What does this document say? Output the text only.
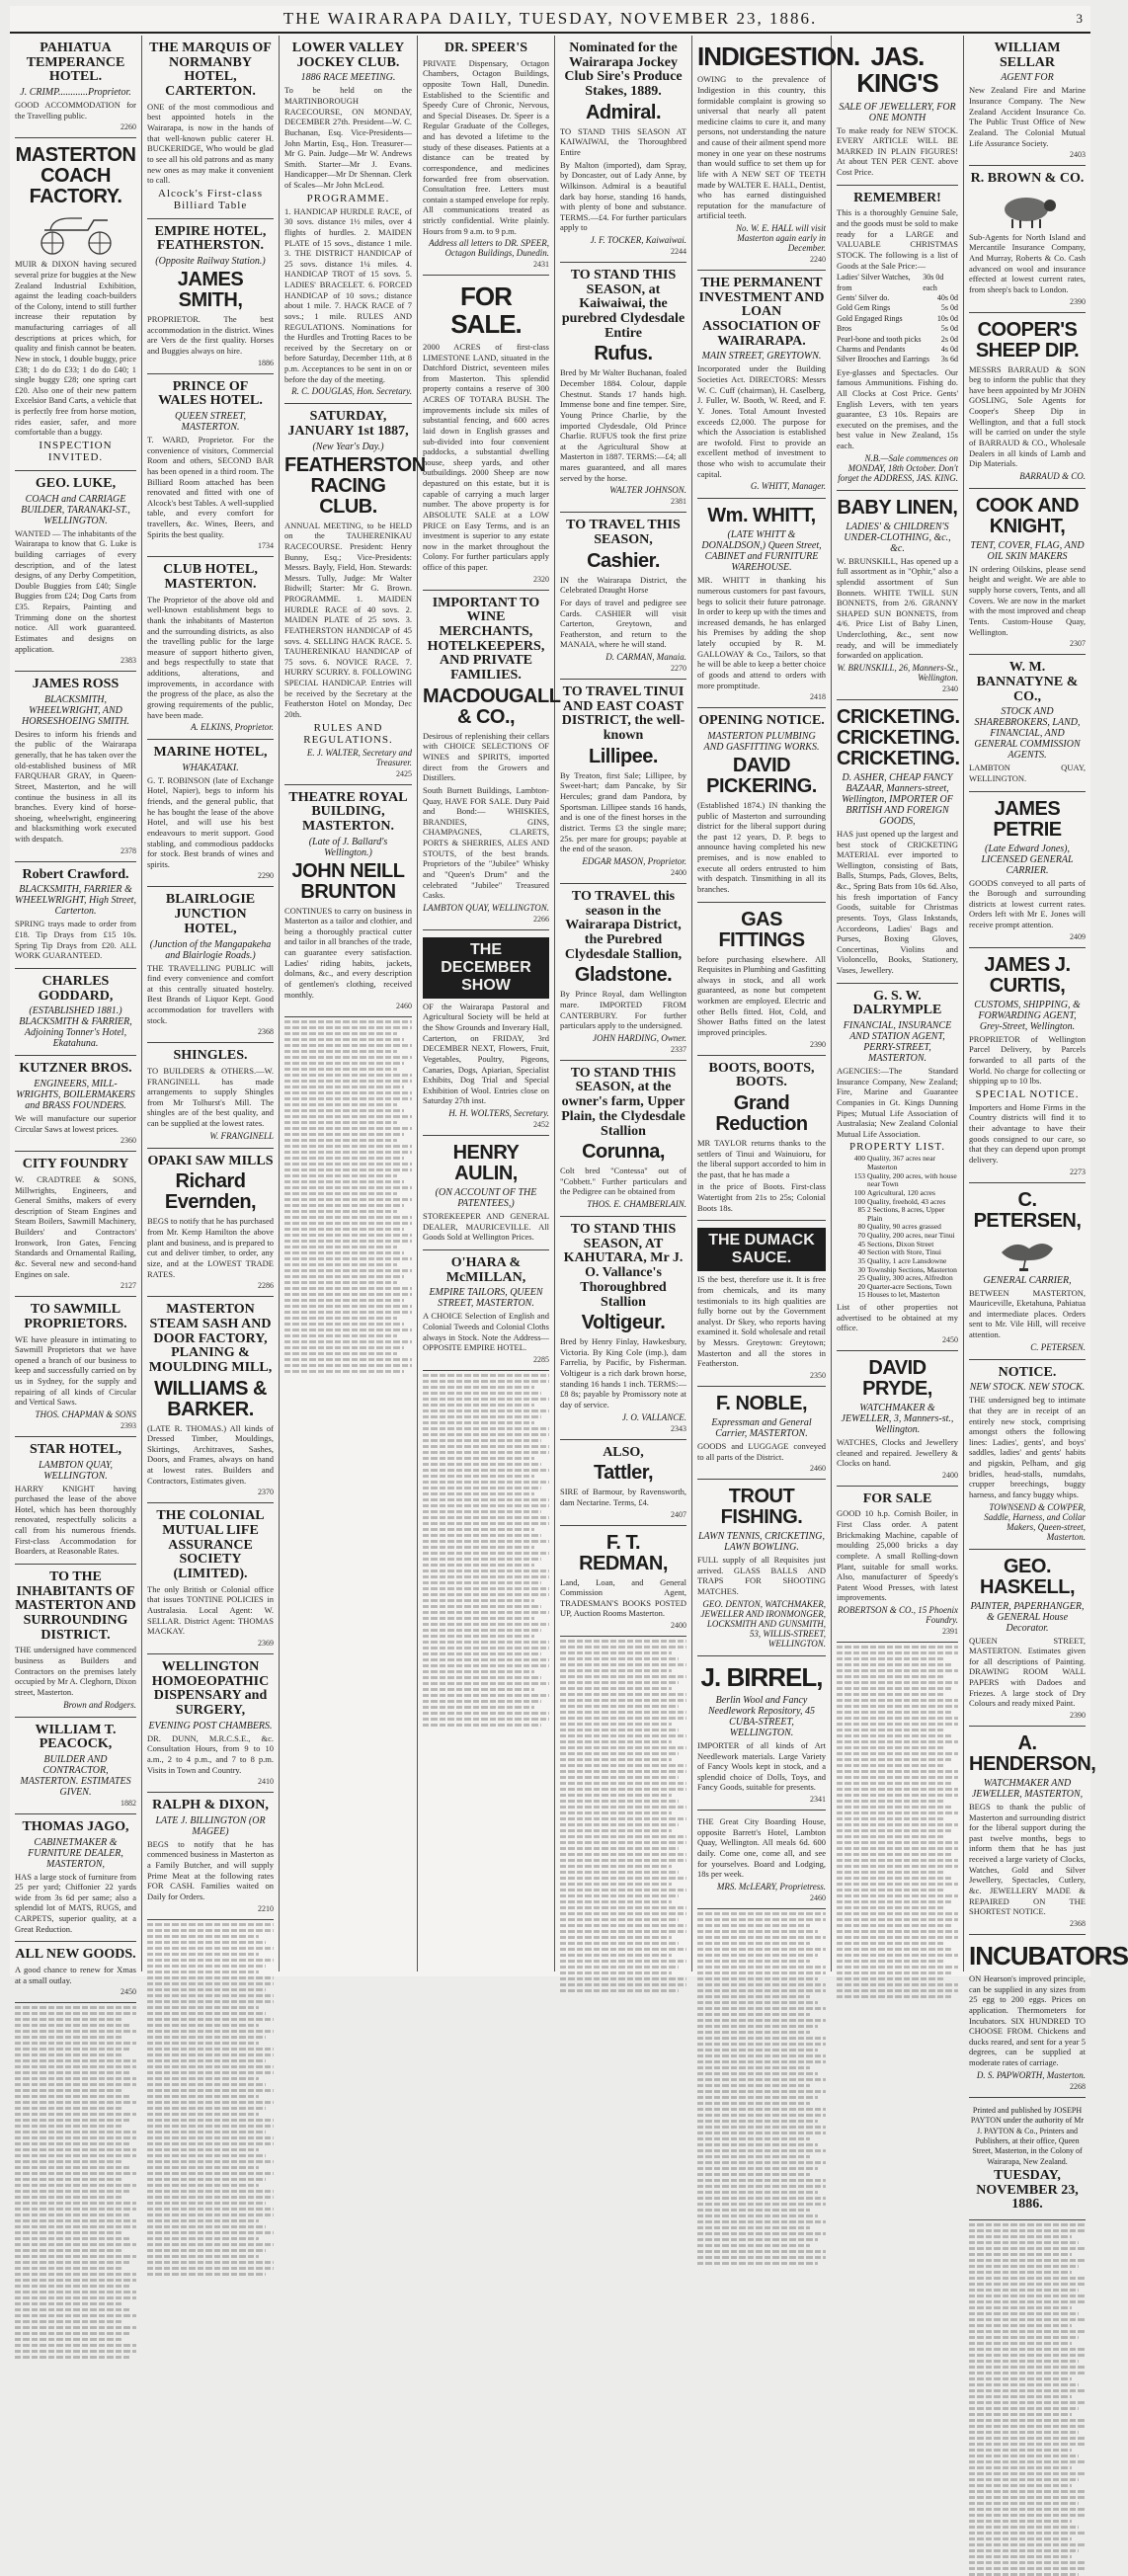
THE WAIRARAPA DAILY, TUESDAY, NOVEMBER 23, 1886.	3
PAHIATUA TEMPERANCE HOTEL.
J. CRIMP............Proprietor.
GOOD ACCOMMODATION for the Travelling public.
2260
MASTERTON COACH FACTORY.
MUIR & DIXON having secured several prize for buggies at the New Zealand Industrial Exhibition, against the leading coach-builders of the Colony, intend to still further increase their reputation by manufacturing carriages of all descriptions at prices which, for quality and finish cannot be beaten. New in stock, 1 double buggy, price £38; 1 do do £33; 1 do do £40; 1 single buggy £28; one spring cart £20. Also one of their new pattern Excelsior Band Carts, a vehicle that is perfectly free from horse motion, rides easier, safer, and more comfortable than a buggy.
INSPECTION INVITED.
GEO. LUKE,
COACH and CARRIAGE BUILDER, TARANAKI-ST., WELLINGTON.
WANTED — The inhabitants of the Wairarapa to know that G. Luke is building carriages of every description, and of the latest designs, of any Derby Competition, Double Buggies from £40; Single Buggies from £24; Dog Carts from £35. Repairs, Painting and Trimming done on the shortest notice. All work guaranteed. Estimates and designs on application.
2383
JAMES ROSS
BLACKSMITH, WHEELWRIGHT, AND HORSESHOEING SMITH.
Desires to inform his friends and the public of the Wairarapa generally, that he has taken over the old-established business of MR FARQUHAR GRAY, in Queen-Street, Masterton, and he will continue the business in all its branches. Every kind of horse-shoeing, wheelwright, engineering and blacksmithing work executed with despatch.
2378
Robert Crawford.
BLACKSMITH, FARRIER & WHEELWRIGHT, High Street, Carterton.
SPRING trays made to order from £18. Tip Drays from £15 10s. Spring Tip Drays from £20. ALL WORK GUARANTEED.
CHARLES GODDARD,
(ESTABLISHED 1881.) BLACKSMITH & FARRIER, Adjoining Tonner's Hotel, Ekatahuna.
KUTZNER BROS.
ENGINEERS, MILL-WRIGHTS, BOILERMAKERS and BRASS FOUNDERS.
We will manufacture our superior Circular Saws at lowest prices.
2360
CITY FOUNDRY
W. CRADTREE & SONS, Millwrights, Engineers, and General Smiths, makers of every description of Steam Engines and Steam Boilers, Sawmill Machinery, Builders' and Contractors' Ironwork, Iron Gates, Fencing Standards and Ornamental Railing, &c. Several new and second-hand Engines on sale.
2127
TO SAWMILL PROPRIETORS.
WE have pleasure in intimating to Sawmill Proprietors that we have opened a branch of our business to keep and successfully carried on by us in Sydney, for the supply and repairing of all kinds of Circular and Vertical Saws.
THOS. CHAPMAN & SONS
2393
STAR HOTEL,
LAMBTON QUAY, WELLINGTON.
HARRY KNIGHT having purchased the lease of the above Hotel, which has been thoroughly renovated, respectfully solicits a call from his numerous friends. First-class Accommodation for Boarders, at Reasonable Rates.
TO THE INHABITANTS OF MASTERTON AND SURROUNDING DISTRICT.
THE undersigned have commenced business as Builders and Contractors on the premises lately occupied by Mr A. Cleghorn, Dixon street, Masterton.
Brown and Rodgers.
WILLIAM T. PEACOCK,
BUILDER AND CONTRACTOR, MASTERTON. ESTIMATES GIVEN.
1882
THOMAS JAGO,
CABINETMAKER & FURNITURE DEALER, MASTERTON,
HAS a large stock of furniture from 25 per yard; Chiffonier 22 yards wide from 3s 6d per same; also a splendid lot of MATS, RUGS, and CARPETS, superior quality, at a Great Reduction.
ALL NEW GOODS.
A good chance to renew for Xmas at a small outlay.
2450
THE MARQUIS OF NORMANBY HOTEL, CARTERTON.
ONE of the most commodious and best appointed hotels in the Wairarapa, is now in the hands of that well-known public caterer H. BUCKERIDGE, Who would be glad to see all his old patrons and as many new ones as may make it convenient to call.
Alcock's First-class Billiard Table
EMPIRE HOTEL, FEATHERSTON.
(Opposite Railway Station.)
JAMES SMITH,
PROPRIETOR. The best accommodation in the district. Wines are Vers de the first quality. Horses and Buggies always on hire.
1886
PRINCE OF WALES HOTEL.
QUEEN STREET, MASTERTON.
T. WARD, Proprietor. For the convenience of visitors, Commercial Room and others, SECOND BAR has been opened in a third room. The Billiard Room attached has been renovated and fitted with one of Alcock's best Tables. A well-supplied table, and every comfort for travellers, &c. Wines, Beers, and Spirits the best quality.
1734
CLUB HOTEL, MASTERTON.
The Proprietor of the above old and well-known establishment begs to thank the inhabitants of Masterton and the surrounding districts, as also the travelling public for the large measure of support hitherto given, and begs respectfully to state that additions, alterations, and improvements, in accordance with the progress of the place, as also the growing requirements of the public, have been made.
A. ELKINS, Proprietor.
MARINE HOTEL,
WHAKATAKI.
G. T. ROBINSON (late of Exchange Hotel, Napier), begs to inform his friends, and the general public, that he has bought the lease of the above Hotel, and will use his best endeavours to merit support. Good stabling, and commodious paddocks for stock. Best brands of wines and spirits.
2290
BLAIRLOGIE JUNCTION HOTEL,
(Junction of the Mangapakeha and Blairlogie Roads.)
THE TRAVELLING PUBLIC will find every convenience and comfort at this centrally situated hostelry. Best Brands of Liquor Kept. Good accommodation for travellers with stock.
2368
SHINGLES.
TO BUILDERS & OTHERS.—W. FRANGINELL has made arrangements to supply Shingles from Mr Tolhurst's Mill. The shingles are of the best quality, and can be supplied at the lowest rates.
W. FRANGINELL
OPAKI SAW MILLS
Richard Evernden,
BEGS to notify that he has purchased from Mr. Kemp Hamilton the above plant and business, and is prepared to cut and deliver timber, to order, any size, and at the LOWEST TRADE RATES.
2286
MASTERTON STEAM SASH AND DOOR FACTORY, PLANING & MOULDING MILL,
WILLIAMS & BARKER.
(LATE R. THOMAS.) All kinds of Dressed Timber, Mouldings, Skirtings, Architraves, Sashes, Doors, and Frames, always on hand at lowest rates. Builders and Contractors, Estimates given.
2370
THE COLONIAL MUTUAL LIFE ASSURANCE SOCIETY (LIMITED).
The only British or Colonial office that issues TONTINE POLICIES in Australasia. Local Agent: W. SELLAR. District Agent: THOMAS MACKAY.
2369
WELLINGTON HOMOEOPATHIC DISPENSARY and SURGERY,
EVENING POST CHAMBERS.
DR. DUNN, M.R.C.S.E., &c. Consultation Hours, from 9 to 10 a.m., 2 to 4 p.m., and 7 to 8 p.m. Visits in Town and Country.
2410
RALPH & DIXON,
LATE J. BILLINGTON (OR MAGEE)
BEGS to notify that he has commenced business in Masterton as a Family Butcher, and will supply Prime Meat at the following rates FOR CASH. Families waited on Daily for Orders.
2210
LOWER VALLEY JOCKEY CLUB.
1886 RACE MEETING.
To be held on the MARTINBOROUGH RACECOURSE, ON MONDAY, DECEMBER 27th. President—W. C. Buchanan, Esq. Vice-Presidents—John Martin, Esq., Hon. Treasurer—Mr G. Pain. Judge—Mr W. Andrews Smith. Starter—Mr J. Evans. Handicapper—Mr Dr Shennan. Clerk of Scales—Mr John McLeod.
PROGRAMME.
1. HANDICAP HURDLE RACE, of 30 sovs. distance 1½ miles, over 4 flights of hurdles. 2. MAIDEN PLATE of 15 sovs., distance 1 mile. 3. THE DISTRICT HANDICAP of 25 sovs. distance 1¼ miles. 4. HANDICAP TROT of 15 sovs. 5. LADIES' BRACELET. 6. FORCED HANDICAP of 10 sovs.; distance about 1 mile. 7. HACK RACE of 7 sovs.; 1 mile. RULES AND REGULATIONS. Nominations for the Hurdles and Trotting Races to be received by the Secretary on or before Saturday, December 11th, at 8 p.m. Acceptances to be sent in on or before the day of the meeting.
R. C. DOUGLAS, Hon. Secretary.
SATURDAY, JANUARY 1st 1887,
(New Year's Day.)
FEATHERSTON RACING CLUB.
ANNUAL MEETING, to be HELD on the TAUHERENIKAU RACECOURSE. President: Henry Bunny, Esq.; Vice-Presidents: Messrs. Bayly, Field, Hon. Stewards: Messrs. Tully, Judge: Mr Walter Bidwill; Starter: Mr G. Brown. PROGRAMME. 1. MAIDEN HURDLE RACE of 40 sovs. 2. MAIDEN PLATE of 25 sovs. 3. FEATHERSTON HANDICAP of 45 sovs. 4. SELLING HACK RACE. 5. TAUHERENIKAU HANDICAP of 75 sovs. 6. NOVICE RACE. 7. HURRY SCURRY. 8. FOLLOWING SPECIAL HANDICAP. Entries will be received by the Secretary at the Featherston Hotel on Monday, Dec 20th.
RULES AND REGULATIONS.
E. J. WALTER, Secretary and Treasurer.
2425
THEATRE ROYAL BUILDING, MASTERTON.
(Late of J. Ballard's Wellington.)
JOHN NEILL BRUNTON
CONTINUES to carry on business in Masterton as a tailor and clothier, and being a thoroughly practical cutter and tailor in all branches of the trade, can guarantee every satisfaction. Ladies' riding habits, jackets, dolmans, &c., and every description of gentlemen's clothing, received monthly.
2460
DR. SPEER'S
PRIVATE Dispensary, Octagon Chambers, Octagon Buildings, opposite Town Hall, Dunedin. Established to the Scientific and Speedy Cure of Chronic, Nervous, and Special Diseases. Dr. Speer is a Regular Graduate of the Colleges, and has devoted a lifetime to the study of these diseases. Patients at a distance can be treated by correspondence, and medicines forwarded free from observation. Consultation free. Letters must contain a stamped envelope for reply. All communications treated as strictly confidential. Write plainly. Hours from 9 a.m. to 9 p.m.
Address all letters to DR. SPEER, Octagon Buildings, Dunedin.
2431
FOR SALE.
2000 ACRES of first-class LIMESTONE LAND, situated in the Datchford District, seventeen miles from Masterton. This splendid property contains a reserve of 300 ACRES OF TOTARA BUSH. The improvements include six miles of substantial fencing, and 600 acres laid down in English grasses and sub-divided into four convenient paddocks, a substantial dwelling house, sheep yards, and other outbuildings. 2000 Sheep are now depastured on this estate, but it is capable of carrying a much larger number. The above property is for ABSOLUTE SALE at a LOW PRICE on Easy Terms, and is an investment is superior to any estate now in the market throughout the Colony. For further particulars apply office of this paper.
2320
IMPORTANT TO WINE MERCHANTS, HOTELKEEPERS, AND PRIVATE FAMILIES.
MACDOUGALL & CO.,
Desirous of replenishing their cellars with CHOICE SELECTIONS OF WINES and SPIRITS, imported direct from the Growers and Distillers.
South Burnett Buildings, Lambton-Quay, HAVE FOR SALE. Duty Paid and Bond:— WHISKIES, BRANDIES, GINS, CHAMPAGNES, CLARETS, PORTS & SHERRIES, ALES AND STOUTS, of the best brands. Proprietors of the "Jubilee" Whisky and "Queen's Drum" and the celebrated "Jubilee" Treasured Casks.
LAMBTON QUAY, WELLINGTON.
2266
THE DECEMBER SHOW
OF the Wairarapa Pastoral and Agricultural Society will be held at the Show Grounds and Inverary Hall, Carterton, on FRIDAY, 3rd DECEMBER NEXT, Flowers, Fruit, Vegetables, Poultry, Pigeons, Canaries, Dogs, Apiarian, Specialist Exhibits, Dog Trial and Special Exhibition of Wool. Entries close on Saturday 27th inst.
H. H. WOLTERS, Secretary.
2452
HENRY AULIN,
(ON ACCOUNT OF THE PATENTEES,)
STOREKEEPER AND GENERAL DEALER, MAURICEVILLE. All Goods Sold at Wellington Prices.
O'HARA & McMILLAN,
EMPIRE TAILORS, QUEEN STREET, MASTERTON.
A CHOICE Selection of English and Colonial Tweeds and Colonial Cloths always in Stock. Note the Address— OPPOSITE EMPIRE HOTEL.
2285
Nominated for the Wairarapa Jockey Club Sire's Produce Stakes, 1889.
Admiral.
TO STAND THIS SEASON AT KAIWAIWAI, the Thoroughbred Entire
By Malton (imported), dam Spray, by Doncaster, out of Lady Anne, by Wilkinson. Admiral is a beautiful dark bay horse, standing 16 hands, with plenty of bone and substance. TERMS.—£4. For further particulars apply to
J. F. TOCKER, Kaiwaiwai.
2244
TO STAND THIS SEASON, at Kaiwaiwai, the purebred Clydesdale Entire
Rufus.
Bred by Mr Walter Buchanan, foaled December 1884. Colour, dapple Chestnut. Stands 17 hands high. Immense bone and fine temper. Sire, Young Prince Charlie, by the imported Clydesdale, Old Prince Charlie. RUFUS took the first prize at the Agricultural Show at Masterton in 1887. TERMS:—£4; all mares guaranteed, and all mares served by the horse.
WALTER JOHNSON.
2381
TO TRAVEL THIS SEASON,
Cashier.
IN the Wairarapa District, the Celebrated Draught Horse
For days of travel and pedigree see Cards. CASHIER will visit Carterton, Greytown, and Featherston, and return to the MANAIA, where he will stand.
D. CARMAN, Manaia.
2270
TO TRAVEL TINUI AND EAST COAST DISTRICT, the well-known
Lillipee.
By Treaton, first Sale; Lillipee, by Sweet-hart; dam Pancake, by Sir Hercules; grand dam Pandora, by Sportsman. Lillipee stands 16 hands, and is one of the finest horses in the district. Terms £3 the single mare; 25s. per mare for groups; payable at the end of the season.
EDGAR MASON, Proprietor.
2400
TO TRAVEL this season in the Wairarapa District, the Purebred Clydesdale Stallion,
Gladstone.
By Prince Royal, dam Wellington mare. IMPORTED FROM CANTERBURY. For further particulars apply to the undersigned.
JOHN HARDING, Owner.
2337
TO STAND THIS SEASON, at the owner's farm, Upper Plain, the Clydesdale Stallion
Corunna,
Colt bred "Contessa" out of "Cobbett." Further particulars and the Pedigree can be obtained from
THOS. E. CHAMBERLAIN.
TO STAND THIS SEASON, AT KAHUTARA, Mr J. O. Vallance's Thoroughbred Stallion
Voltigeur.
Bred by Henry Finlay, Hawkesbury, Victoria. By King Cole (imp.), dam Farrelia, by Pacific, by Fisherman. Voltigeur is a rich dark brown horse, standing 16 hands 1 inch. TERMS:—£8 8s; payable by Promissory note at day of service.
J. O. VALLANCE.
2343
ALSO,
Tattler,
SIRE of Barmour, by Ravensworth, dam Nectarine. Terms, £4.
2407
F. T. REDMAN,
Land, Loan, and General Commission Agent, TRADESMAN'S BOOKS POSTED UP, Auction Rooms Masterton.
2400
INDIGESTION.
OWING to the prevalence of Indigestion in this country, this formidable complaint is growing so universal that nearly all patent medicine claims to cure it, and many persons, not understanding the nature and cause of their ailment spend more money in one year on these nostrums than would suffice to set them up for life with A NEW SET OF TEETH made by WALTER E. HALL, Dentist, who has earned distinguished reputation for the manufacture of artificial teeth.
No. W. E. HALL will visit Masterton again early in December.
2240
THE PERMANENT INVESTMENT AND LOAN ASSOCIATION OF WAIRARAPA.
MAIN STREET, GREYTOWN.
Incorporated under the Building Societies Act. DIRECTORS: Messrs W. C. Cuff (chairman), H. Caselberg, J. Fuller, W. Booth, W. Reed, and F. Y. Jones. Total Amount Invested exceeds £2,000. The purpose for which the Association is established are twofold. First to provide an excellent method of investment to those who wish to accumulate their capital.
G. WHITT, Manager.
Wm. WHITT,
(LATE WHITT & DONALDSON,) Queen Street, CABINET and FURNITURE WAREHOUSE.
MR. WHITT in thanking his numerous customers for past favours, begs to solicit their future patronage. In order to keep up with the times and increased demands, he has enlarged his Premises by adding the shop lately occupied by R. M. GALLOWAY & Co., Tailors, so that he will be able to keep a better choice of goods and attend to orders with more promptitude.
2418
OPENING NOTICE.
MASTERTON PLUMBING AND GASFITTING WORKS.
DAVID PICKERING.
(Established 1874.) IN thanking the public of Masterton and surrounding district for the liberal support during the past 12 years, D. P. begs to announce having completed his new premises, and is now enabled to execute all orders entrusted to him with despatch. Tinsmithing in all its branches.
GAS FITTINGS
before purchasing elsewhere. All Requisites in Plumbing and Gasfitting always in stock, and all work guaranteed, as none but competent workmen are employed. Electric and other Bells fitted. Hot, Cold, and Shower Baths fitted on the latest improved principles.
2390
BOOTS, BOOTS, BOOTS.
Grand Reduction
MR TAYLOR returns thanks to the settlers of Tinui and Wainuioru, for the liberal support accorded to him in the past, that he has made a
in the price of Boots. First-class Watertight from 21s to 25s; Colonial Boots 18s.
THE DUMACK SAUCE.
IS the best, therefore use it. It is free from chemicals, and its many testimonials to its high qualities are fully borne out by the Government analyst. Dr Skey, who reports having examined it. Sold wholesale and retail by Messrs. Greytown: Greytown; Masterton and all the stores in Featherston.
2350
F. NOBLE,
Expressman and General Carrier, MASTERTON.
GOODS and LUGGAGE conveyed to all parts of the District.
2460
TROUT FISHING.
LAWN TENNIS, CRICKETING, LAWN BOWLING.
FULL supply of all Requisites just arrived. GLASS BALLS AND TRAPS FOR SHOOTING MATCHES.
GEO. DENTON, WATCHMAKER, JEWELLER AND IRONMONGER, LOCKSMITH AND GUNSMITH, 53, WILLIS-STREET, WELLINGTON.
J. BIRREL,
Berlin Wool and Fancy Needlework Repository, 45 CUBA-STREET, WELLINGTON.
IMPORTER of all kinds of Art Needlework materials. Large Variety of Fancy Wools kept in stock, and a splendid choice of Dolls, Toys, and Fancy Goods, suitable for presents.
2341
THE Great City Boarding House, opposite Barrett's Hotel, Lambton Quay, Wellington. All meals 6d. 600 daily. Come one, come all, and see for yourselves. Board and Lodging, 18s per week.
MRS. McLEARY, Proprietress.
2460
JAS. KING'S
SALE OF JEWELLERY, FOR ONE MONTH
To make ready for NEW STOCK. EVERY ARTICLE WILL BE MARKED IN PLAIN FIGURES! At about TEN PER CENT. above Cost Price.
REMEMBER!
This is a thoroughly Genuine Sale, and the goods must be sold to make ready for a LARGE and VALUABLE CHRISTMAS STOCK. The following is a list of Goods at the Sale Price:—
Ladies' Silver Watches, from
30s 0d each
Gents' Silver do.	40s 0d
Gold Gem Rings	5s 0d
Gold Engaged Rings	10s 0d
Bros	5s 0d
Pearl-bone and tooth picks	2s 0d
Charms and Pendants	4s 0d
Silver Brooches and Earrings 3s 6d
Eye-glasses and Spectacles. Our famous Ammunitions. Fishing do. All Clocks at Cost Price. Gents' English Levers, with ten years guarantee, £3 10s. Repairs are executed on the premises, and the best value in New Zealand, 15s each.
N.B.—Sale commences on MONDAY, 18th October. Don't forget the ADDRESS, JAS. KING.
BABY LINEN,
LADIES' & CHILDREN'S UNDER-CLOTHING, &c., &c.
W. BRUNSKILL, Has opened up a full assortment as in "Ophir," also a splendid assortment of Sun Bonnets. WHITE TWILL SUN BONNETS, from 2/6. GRANNY SHAPED SUN BONNETS, from 4/6. Price List of Baby Linen, Underclothing, &c., sent now ready, and will be immediately forwarded on application.
W. BRUNSKILL, 26, Manners-St., Wellington.
2340
CRICKETING. CRICKETING. CRICKETING.
D. ASHER, CHEAP FANCY BAZAAR, Manners-street, Wellington, IMPORTER OF BRITISH AND FOREIGN GOODS,
HAS just opened up the largest and best stock of CRICKETING MATERIAL ever imported to Wellington, consisting of Bats, Balls, Stumps, Pads, Gloves, Belts, &c., Spring Bats from 10s 6d. Also, his fresh importation of Fancy Goods, suitable for Christmas presents. Toys, Glass Inkstands, Accordeons, Ladies' Bags and Purses, Boxing Gloves, Concertinas, Violins and Violoncello, Books, Stationery, Vases, Jewellery.
G. S. W. DALRYMPLE
FINANCIAL, INSURANCE AND STATION AGENT, PERRY-STREET, MASTERTON.
AGENCIES:—The Standard Insurance Company, New Zealand; Fire, Marine and Guarantee Companies in Gt. Kings Dunning Pipes; Mutual Life Association of Australasia; New Zealand Colonial Mutual Life Association.
PROPERTY LIST.
400	Quality, 367 acres near Masterton
153	Quality, 200 acres, with house near Town
100	Agricultural, 120 acres
100	Quality, freehold, 43 acres
85	2 Sections, 8 acres, Upper Plain
80	Quality, 90 acres grassed
70	Quality, 200 acres, near Tinui
45	Sections, Dixon Street
40	Section with Store, Tinui
35	Quality, 1 acre Lansdowne
30	Township Sections, Masterton
25	Quality, 300 acres, Alfredton
20	Quarter-acre Sections, Town
15	Houses to let, Masterton
List of other properties not advertised to be obtained at my office.
2450
DAVID PRYDE,
WATCHMAKER & JEWELLER, 3, Manners-st., Wellington.
WATCHES, Clocks and Jewellery cleaned and repaired. Jewellery & Clocks on hand.
2400
FOR SALE
GOOD 10 h.p. Cornish Boiler, in First Class order. A patent Brickmaking Machine, capable of moulding 25,000 bricks a day complete. A small Rolling-down Plant, suitable for small works. Also, manufacturer of Speedy's Patent Wood Presses, with latest improvements.
ROBERTSON & CO., 15 Phoenix Foundry.
2391
WILLIAM SELLAR
AGENT FOR
New Zealand Fire and Marine Insurance Company. The New Zealand Accident Insurance Co. The Public Trust Office of New Zealand. The Colonial Mutual Life Assurance Society.
2403
R. BROWN & CO.
Sub-Agents for North Island and Mercantile Insurance Company, And Murray, Roberts & Co. Cash advanced on wool and insurance effected at lowest current rates, from sheep's back to London.
2390
COOPER'S SHEEP DIP.
MESSRS BARRAUD & SON beg to inform the public that they have been appointed by Mr JOHN GOSLING, Sole Agents for Cooper's Sheep Dip in Wellington, and that a full stock will be carried on under the style of BARRAUD & CO., Wholesale Dealers in all kinds of Lamb and Dip Materials.
BARRAUD & CO.
COOK AND KNIGHT,
TENT, COVER, FLAG, AND OIL SKIN MAKERS
IN ordering Oilskins, please send height and weight. We are able to supply horse covers, Tents, and all Covers. We are now in the market with the most improved and cheap Tents. Custom-House Quay, Wellington.
2307
W. M. BANNATYNE & CO.,
STOCK AND SHAREBROKERS, LAND, FINANCIAL, AND GENERAL COMMISSION AGENTS.
LAMBTON QUAY, WELLINGTON.
JAMES PETRIE
(Late Edward Jones), LICENSED GENERAL CARRIER.
GOODS conveyed to all parts of the Borough and surrounding districts at lowest current rates. Orders left with Mr E. Jones will receive prompt attention.
2409
JAMES J. CURTIS,
CUSTOMS, SHIPPING, & FORWARDING AGENT, Grey-Street, Wellington.
PROPRIETOR of Wellington Parcel Delivery, by Parcels forwarded to all parts of the World. No charge for collecting or shipping up to 10 lbs.
SPECIAL NOTICE.
Importers and Home Firms in the Country districts will find it to their advantage to have their goods consigned to our care, so that they can depend upon prompt delivery.
2273
C. PETERSEN,
GENERAL CARRIER,
BETWEEN MASTERTON, Mauriceville, Eketahuna, Pahiatua and intermediate places. Orders sent to Mr. Vile Hill, will receive attention.
C. PETERSEN.
NOTICE.
NEW STOCK. NEW STOCK.
THE undersigned beg to intimate that they are in receipt of an entirely new stock, comprising amongst others the following lines: Ladies', gents', and boys' saddles, ladies' and gents' habits and pigskin, Pelham, and gig bridles, head-stalls, numdahs, crupper breechings, buggy harness, and fancy buggy whips.
TOWNSEND & COWPER, Saddle, Harness, and Collar Makers, Queen-street, Masterton.
GEO. HASKELL,
PAINTER, PAPERHANGER, & GENERAL House Decorator.
QUEEN STREET, MASTERTON. Estimates given for all descriptions of Painting. DRAWING ROOM WALL PAPERS with Dadoes and Friezes. A large stock of Dry Colours and ready mixed Paint.
2390
A. HENDERSON,
WATCHMAKER AND JEWELLER, MASTERTON,
BEGS to thank the public of Masterton and surrounding district for the liberal support during the past twelve months, begs to inform them that he has just received a large variety of Clocks, Watches, Gold and Silver Jewellery, Spectacles, Cutlery, &c. JEWELLERY MADE & REPAIRED ON THE SHORTEST NOTICE.
2368
INCUBATORS
ON Hearson's improved principle, can be supplied in any sizes from 25 egg to 200 eggs. Prices on application. Thermometers for Incubators. SIX HUNDRED TO CHOOSE FROM. Chickens and ducks reared, and sent for a year 5 degrees, can be supplied at moderate rates of carriage.
D. S. PAPWORTH, Masterton.
2268
Printed and published by JOSEPH PAYTON under the authority of Mr J. PAYTON & Co., Printers and Publishers, at their office, Queen Street, Masterton, in the Colony of Wairarapa, New Zealand.
TUESDAY, NOVEMBER 23, 1886.
